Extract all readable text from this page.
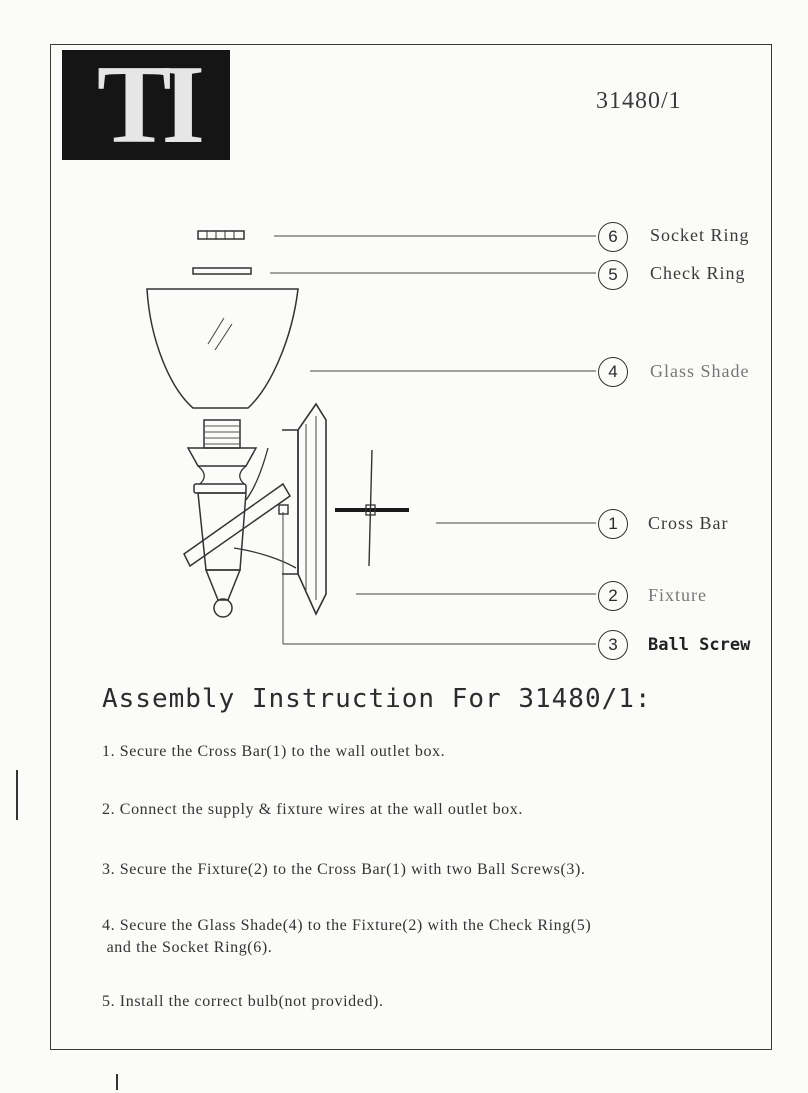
TI	31480/1
6	Socket Ring
5	Check Ring
4	Glass Shade
1	Cross Bar
2	Fixture
3	Ball Screw
Assembly Instruction For 31480/1:
1. Secure the Cross Bar(1) to the wall outlet box.
2. Connect the supply & fixture wires at the wall outlet box.
3. Secure the Fixture(2) to the Cross Bar(1) with two Ball Screws(3).
4. Secure the Glass Shade(4) to the Fixture(2) with the Check Ring(5)
and the Socket Ring(6).
5. Install the correct bulb(not provided).
